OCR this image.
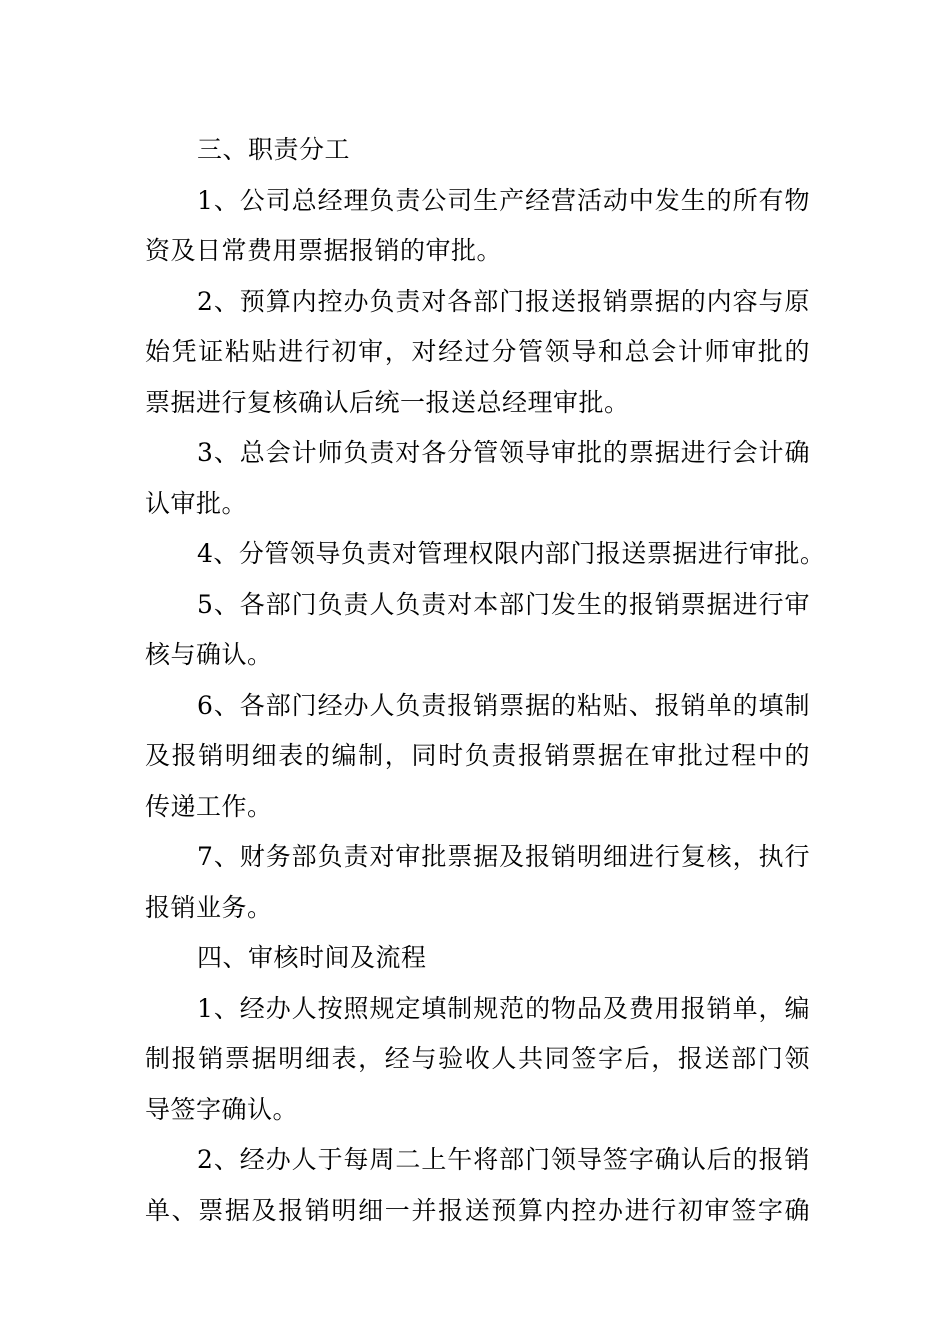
三、职责分工
1、公司总经理负责公司生产经营活动中发生的所有物
资及日常费用票据报销的审批。
2、预算内控办负责对各部门报送报销票据的内容与原
始凭证粘贴进行初审，对经过分管领导和总会计师审批的
票据进行复核确认后统一报送总经理审批。
3、总会计师负责对各分管领导审批的票据进行会计确
认审批。
4、分管领导负责对管理权限内部门报送票据进行审批。
5、各部门负责人负责对本部门发生的报销票据进行审
核与确认。
6、各部门经办人负责报销票据的粘贴、报销单的填制
及报销明细表的编制，同时负责报销票据在审批过程中的
传递工作。
7、财务部负责对审批票据及报销明细进行复核，执行
报销业务。
四、审核时间及流程
1、经办人按照规定填制规范的物品及费用报销单，编
制报销票据明细表，经与验收人共同签字后，报送部门领
导签字确认。
2、经办人于每周二上午将部门领导签字确认后的报销
单、票据及报销明细一并报送预算内控办进行初审签字确
